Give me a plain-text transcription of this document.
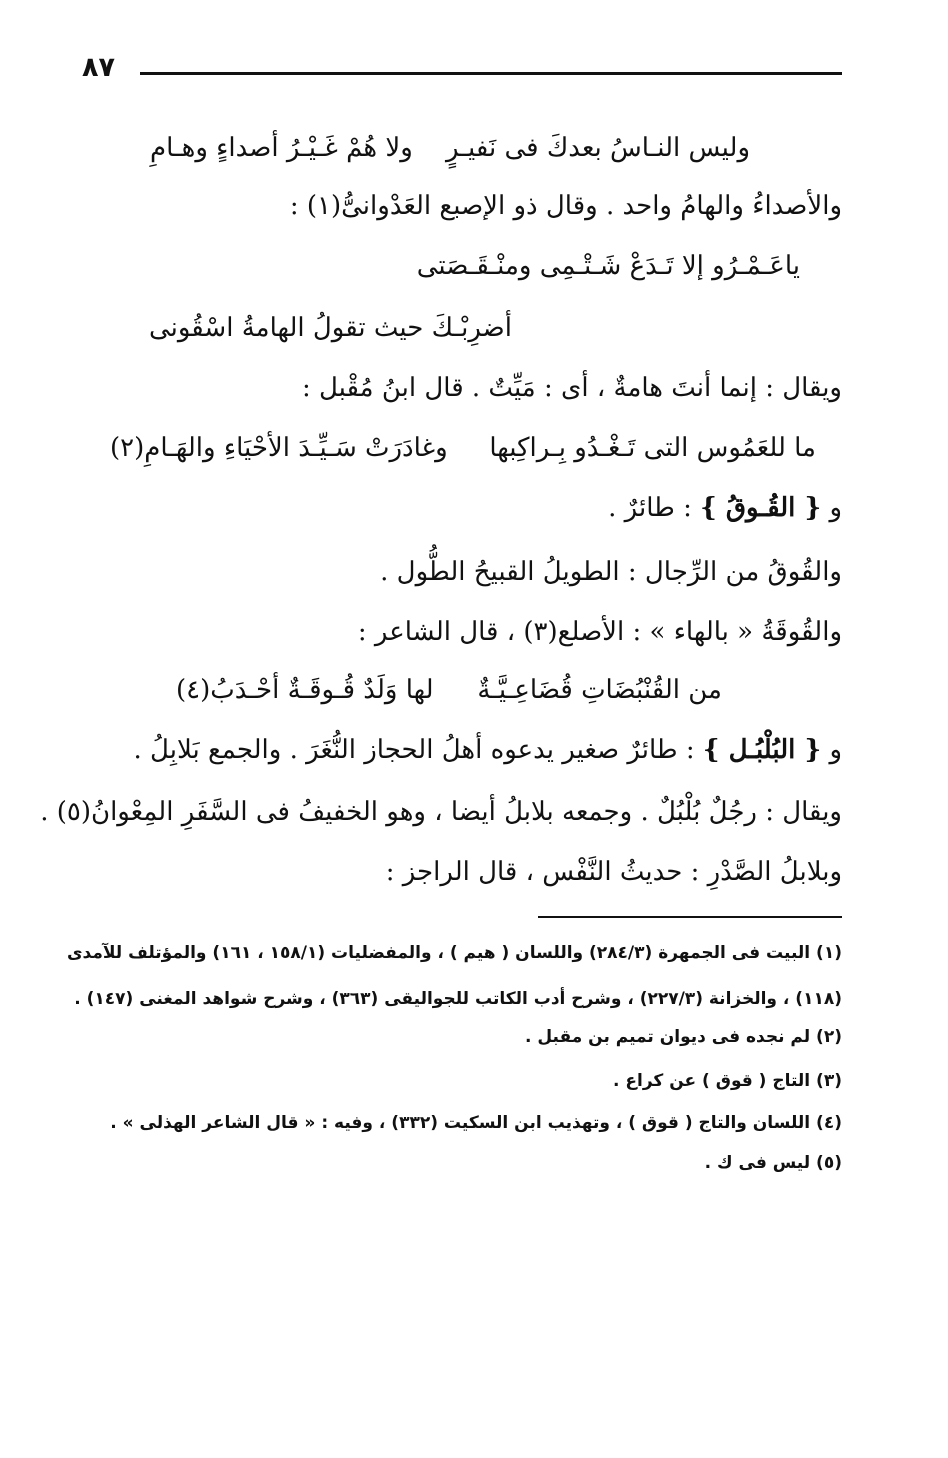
٨٧
وليس النـاسُ بعدكَ فى نَفيـرٍ
ولا هُمْ غَـيْـرُ أصداءٍ وهـامِ
والأصداءُ والهامُ واحد . وقال ذو الإصبع العَدْوانىُّ(١) :
ياعَـمْـرُو إلا تَـدَعْ شَـتْـمِى ومنْـقَـصَتى
أضرِبْـكَ حيث تقولُ الهامةُ اسْقُونى
ويقال : إنما أنتَ هامةٌ ، أى : مَيِّتٌ . قال ابنُ مُقْبل :
ما للعَمُوس التى تَـغْـدُو بِـراكِبها
وغادَرَتْ سَـيِّـدَ الأحْيَاءِ والهَـامِ(٢)
و { القُـوقُ } : طائرٌ .
والقُوقُ من الرِّجال : الطويلُ القبيحُ الطُّول .
والقُوقَةُ « بالهاء » : الأصلع(٣) ، قال الشاعر :
من القُنْبُضَاتِ قُضَاعِـيَّـةٌ
لها وَلَدٌ قُـوقَـةٌ أحْـدَبُ(٤)
و { البُلْبُـل } : طائرٌ صغير يدعوه أهلُ الحجاز النُّغَرَ . والجمع بَلابِلُ .
ويقال : رجُلٌ بُلْبُلٌ . وجمعه بلابلُ أيضا ، وهو الخفيفُ فى السَّفَرِ المِعْوانُ(٥) .
وبلابلُ الصَّدْرِ : حديثُ النَّفْس ، قال الراجز :
(١) البيت فى الجمهرة (٢٨٤/٣) واللسان ( هيم ) ، والمفضليات (١٥٨/١ ، ١٦١) والمؤتلف للآمدى
(١١٨) ، والخزانة (٢٢٧/٣) ، وشرح أدب الكاتب للجواليقى (٣٦٣) ، وشرح شواهد المغنى (١٤٧) .
(٢) لم نجده فى ديوان تميم بن مقبل .
(٣) التاج ( قوق ) عن كراع .
(٤) اللسان والتاج ( قوق ) ، وتهذيب ابن السكيت (٣٣٢) ، وفيه : « قال الشاعر الهذلى » .
(٥) ليس فى ك .
